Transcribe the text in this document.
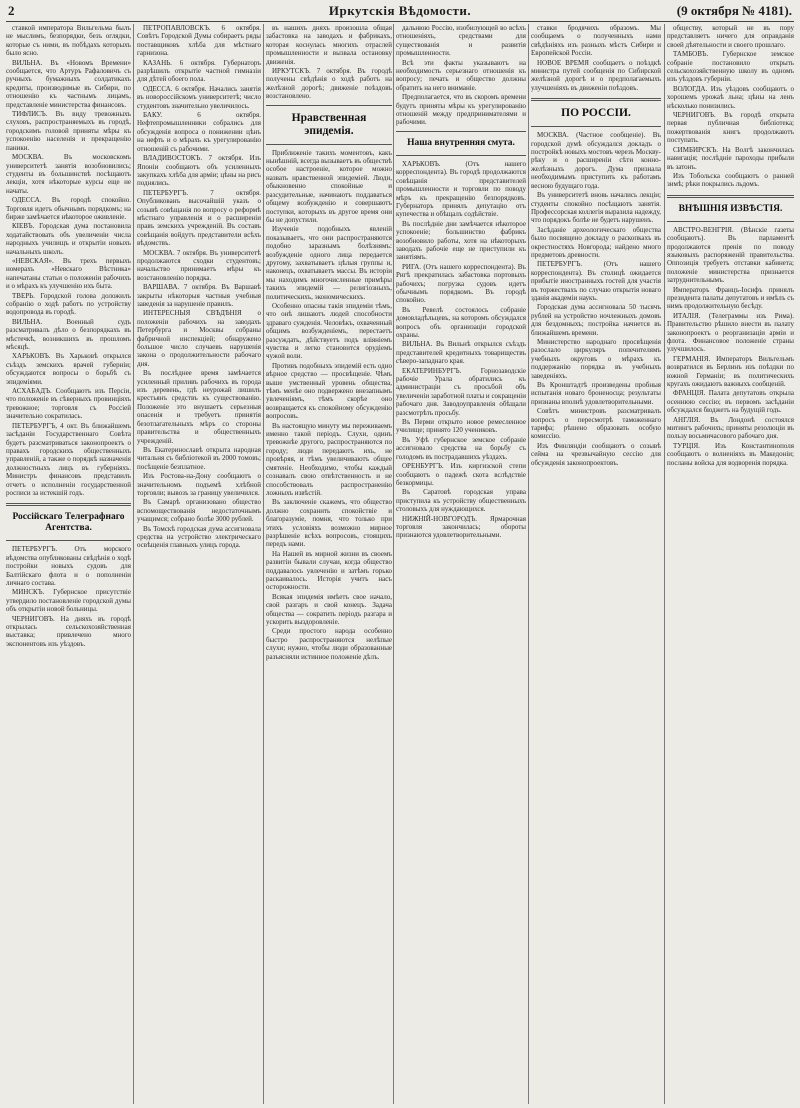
2	Иркутскія Вѣдомости.	(9 октября № 4181).

ставкой императора Вильгельма былъ не мыслимъ, безпорядки, безъ оглядки, которые съ ними, въ побѣдахъ которыхъ было ясно.

ВИЛЬНА. Въ «Новомъ Времени» сообщается, что Артуръ Рафаловичъ съ ручныхъ бумажныхъ солдатикахъ кредиты, производимые въ Сибири, по отношенію къ частнымъ лицамъ, представленіе министерства финансовъ.

ТИФЛИСЪ. Въ виду тревожныхъ слуховъ, распространяемыхъ въ городѣ, городскимъ головой приняты мѣры къ успокоенію населенія и прекращенію паники.

МОСКВА. Въ московскомъ университетѣ занятія возобновились; студенты въ большинствѣ посѣщаютъ лекціи, хотя нѣкоторые курсы еще не начаты.

ОДЕССА. Въ городѣ спокойно. Торговля идетъ обычнымъ порядкомъ; на бирже замѣчается нѣкоторое оживленіе.

КІЕВЪ. Городская дума постановила ходатайствовать объ увеличеніи числа народныхъ училищъ и открытіи новыхъ начальныхъ школъ.

«НЕВСКАЯ». Въ трехъ первыхъ номерахъ «Невскаго Вѣстника» напечатаны статьи о положеніи рабочихъ и о мѣрахъ къ улучшенію ихъ быта.

ТВЕРЬ. Городской голова доложилъ собранію о ходѣ работъ по устройству водопровода въ городѣ.

ВИЛЬНА. Военный судъ разсматривалъ дѣло о безпорядкахъ въ мѣстечкѣ, возникшихъ въ прошломъ мѣсяцѣ.

ХАРЬКОВЪ. Въ Харьковѣ открылся съѣздъ земскихъ врачей губерніи; обсуждаются вопросы о борьбѣ съ эпидеміями.

АСХАБАДЪ. Сообщаютъ изъ Персіи, что положеніе въ сѣверныхъ провинціяхъ тревожное; торговля съ Россіей значительно сократилась.

ПЕТЕРБУРГЪ, 4 окт. Въ ближайшемъ засѣданіи Государственнаго Совѣта будетъ разсматриваться законопроектъ о правахъ городскихъ общественныхъ управленій, а также о порядкѣ назначенія должностныхъ лицъ въ губерніяхъ. Министръ финансовъ представилъ отчетъ о исполненіи государственной росписи за истекшій годъ.

Россійскаго Телеграфнаго Агентства.

ПЕТЕРБУРГЪ. Отъ морского вѣдомства опубликованы свѣдѣнія о ходѣ постройки новыхъ судовъ для Балтійскаго флота и о пополненіи личнаго состава.

МИНСКЪ. Губернское присутствіе утвердило постановленіе городской думы объ открытіи новой больницы.

ЧЕРНИГОВЪ. На дняхъ въ городѣ открылась сельскохозяйственная выставка; привлечено много экспонентовъ изъ уѣздовъ.

ПЕТРОПАВЛОВСКЪ. 6 октября. Совѣтъ Городской Думы собираетъ ряды поставщиковъ хлѣба для мѣстнаго гарнизона.

КАЗАНЬ. 6 октября. Губернаторъ разрѣшилъ открытіе частной гимназіи для дѣтей обоего пола.

ОДЕССА. 6 октября. Начались занятія въ новороссійскомъ университетѣ; число студентовъ значительно увеличилось.

БАКУ. 6 октября. Нефтепромышленники собрались для обсужденія вопроса о понижении цѣнъ на нефть и о мѣрахъ къ урегулированію отношеній съ рабочими.

ВЛАДИВОСТОКЪ. 7 октября. Изъ Японіи сообщаютъ объ усиленныхъ закупкахъ хлѣба для арміи; цѣны на рисъ поднялись.

ПЕТЕРБУРГЪ. 7 октября. Опубликованъ высочайшій указъ о созывѣ совѣщанія по вопросу о реформѣ мѣстнаго управленія и о расширеніи правъ земскихъ учрежденій. Въ составъ совѣщанія войдутъ представители всѣхъ вѣдомствъ.

МОСКВА. 7 октября. Въ университетѣ продолжаются сходки студентовъ; начальство принимаетъ мѣры къ возстановленію порядка.

ВАРШАВА. 7 октября. Въ Варшавѣ закрыты нѣкоторыя частныя учебныя заведенія за нарушеніе правилъ.

ИНТЕРЕСНЫЯ СВѢДѢНІЯ о положеніи рабочихъ на заводахъ Петербурга и Москвы собраны фабричной инспекціей; обнаружено большое число случаевъ нарушенія закона о продолжительности рабочаго дня.

Въ послѣднее время замѣчается усиленный приливъ рабочихъ въ города изъ деревень, гдѣ неурожай лишилъ крестьянъ средствъ къ существованію. Положеніе это внушаетъ серьезныя опасенія и требуетъ принятія безотлагательныхъ мѣръ со стороны правительства и общественныхъ учрежденій.

Въ Екатеринославѣ открыта народная читальня съ библіотекой въ 2000 томовъ; посѣщеніе безплатное.

Изъ Ростова-на-Дону сообщаютъ о значительномъ подъемѣ хлѣбной торговли; вывозъ за границу увеличился.

Въ Самарѣ организовано общество вспомоществованія недостаточнымъ учащимся; собрано болѣе 3000 рублей.

Въ Томскѣ городская дума ассигновала средства на устройство электрическаго освѣщенія главныхъ улицъ города.

въ нашихъ дняхъ произошла общая забастовка на заводахъ и фабрикахъ, которая коснулась многихъ отраслей промышленности и вызвала остановку движенія.

ИРКУТСКЪ. 7 октября. Въ городѣ получены свѣдѣнія о ходѣ работъ на желѣзной дорогѣ; движеніе поѣздовъ возстановлено.

Нравственная эпидемія.

Приближеніе такихъ моментовъ, какъ нынѣшній, всегда вызываетъ въ обществѣ особое настроеніе, которое можно назвать нравственной эпидеміей. Люди, обыкновенно спокойные и разсудительные, начинаютъ поддаваться общему возбужденію и совершаютъ поступки, которыхъ въ другое время они бы не допустили.

Изученіе подобныхъ явленій показываетъ, что они распространяются подобно заразнымъ болѣзнямъ: возбужденіе одного лица передается другому, захватываетъ цѣлыя группы и, наконецъ, охватываетъ массы. Въ исторіи мы находимъ многочисленные примѣры такихъ эпидемій — религіозныхъ, политическихъ, экономическихъ.

Особенно опасны такія эпидеміи тѣмъ, что онѣ лишаютъ людей способности здраваго сужденія. Человѣкъ, охваченный общимъ возбужденіемъ, перестаетъ разсуждать, дѣйствуетъ подъ вліяніемъ чувства и легко становится орудіемъ чужой воли.

Противъ подобныхъ эпидемій есть одно вѣрное средство — просвѣщеніе. Чѣмъ выше умственный уровень общества, тѣмъ менѣе оно подвержено внезапнымъ увлеченіямъ, тѣмъ скорѣе оно возвращается къ спокойному обсужденію вопросовъ.

Въ настоящую минуту мы переживаемъ именно такой періодъ. Слухи, одинъ тревожнѣе другого, распространяются по городу; люди передаютъ ихъ, не провѣряя, и тѣмъ увеличиваютъ общее смятеніе. Необходимо, чтобы каждый сознавалъ свою отвѣтственность и не способствовалъ распространенію ложныхъ извѣстій.

Въ заключеніе скажемъ, что общество должно сохранить спокойствіе и благоразуміе, помня, что только при этихъ условіяхъ возможно мирное разрѣшеніе всѣхъ вопросовъ, стоящихъ передъ нами.

На Нашей въ мирной жизни въ своемъ развитіи бывали случаи, когда общество поддавалось увлеченію и затѣмъ горько раскаивалось. Исторія учитъ насъ осторожности.

Всякая эпидемія имѣетъ свое начало, свой разгаръ и свой конецъ. Задача общества — сократить періодъ разгара и ускорить выздоровленіе.

Среди простого народа особенно быстро распространяются нелѣпые слухи; нужно, чтобы люди образованные разъясняли истинное положеніе дѣлъ.

дальнюю Россію, изобилующей во всѣхъ отношеніяхъ, средствами для существованія и развитія промышленности.

Всѣ эти факты указываютъ на необходимость серьезнаго отношенія къ вопросу; печать и общество должны обратить на него вниманіе.

Предполагается, что въ скоромъ времени будутъ приняты мѣры къ урегулированію отношеній между предпринимателями и рабочими.

Наша внутренняя смута.

ХАРЬКОВЪ. (Отъ нашего корреспондента). Въ городѣ продолжаются совѣщанія представителей промышленности и торговли по поводу мѣръ къ прекращенію безпорядковъ. Губернаторъ принялъ депутацію отъ купечества и обѣщалъ содѣйствіе.

Въ послѣдніе дни замѣчается нѣкоторое успокоеніе; большинство фабрикъ возобновило работы, хотя на нѣкоторыхъ заводахъ рабочіе еще не приступили къ занятіямъ.

РИГА. (Отъ нашего корреспондента). Въ Ригѣ прекратилась забастовка портовыхъ рабочихъ; погрузка судовъ идетъ обычнымъ порядкомъ. Въ городѣ спокойно.

Въ Ревелѣ состоялось собраніе домовладѣльцевъ, на которомъ обсуждался вопросъ объ организаціи городской охраны.

ВИЛЬНА. Въ Вильнѣ открылся съѣздъ представителей кредитныхъ товариществъ сѣверо-западнаго края.

ЕКАТЕРИНБУРГЪ. Горнозаводскіе рабочіе Урала обратились къ администраціи съ просьбой объ увеличеніи заработной платы и сокращеніи рабочаго дня. Заводоуправленія обѣщали разсмотрѣть просьбу.

Въ Перми открыто новое ремесленное училище; принято 120 учениковъ.

Въ Уфѣ губернское земское собраніе ассигновало средства на борьбу съ голодомъ въ пострадавшихъ уѣздахъ.

ОРЕНБУРГЪ. Изъ киргизской степи сообщаютъ о падежѣ скота вслѣдствіе безкормицы.

Въ Саратовѣ городская управа приступила къ устройству общественныхъ столовыхъ для нуждающихся.

НИЖНІЙ-НОВГОРОДЪ. Ярмарочная торговля закончилась; обороты признаются удовлетворительными.

ставки бродячихъ образомъ. Мы сообщаемъ о полученныхъ нами свѣдѣніяхъ изъ разныхъ мѣстъ Сибири и Европейской Россіи.

НОВОЕ ВРЕМЯ сообщаетъ о поѣздкѣ министра путей сообщенія по Сибирской желѣзной дорогѣ и о предполагаемыхъ улучшеніяхъ въ движеніи поѣздовъ.

ПО РОССІИ.

МОСКВА. (Частное сообщеніе). Въ городской думѣ обсуждался докладъ о постройкѣ новыхъ мостовъ черезъ Москву-рѣку и о расширеніи сѣти конно-желѣзныхъ дорогъ. Дума признала необходимымъ приступить къ работамъ весною будущаго года.

Въ университетѣ вновь начались лекціи; студенты спокойно посѣщаютъ занятія. Профессорская коллегія выразила надежду, что порядокъ болѣе не будетъ нарушенъ.

Засѣданіе археологическаго общества было посвящено докладу о раскопкахъ въ окрестностяхъ Новгорода; найдено много предметовъ древности.

ПЕТЕРБУРГЪ. (Отъ нашего корреспондента). Въ столицѣ ожидается прибытіе иностранныхъ гостей для участія въ торжествахъ по случаю открытія новаго зданія академіи наукъ.

Городская дума ассигновала 50 тысячъ рублей на устройство ночлежныхъ домовъ для бездомныхъ; постройка начнется въ ближайшемъ времени.

Министерство народнаго просвѣщенія разослало циркуляръ попечителямъ учебныхъ округовъ о мѣрахъ къ поддержанію порядка въ учебныхъ заведеніяхъ.

Въ Кронштадтѣ произведены пробныя испытанія новаго броненосца; результаты признаны вполнѣ удовлетворительными.

Совѣтъ министровъ разсматривалъ вопросъ о пересмотрѣ таможеннаго тарифа; рѣшено образовать особую комиссію.

Изъ Финляндіи сообщаютъ о созывѣ сейма на чрезвычайную сессію для обсужденія законопроектовъ.

обществу, который не въ пору представляетъ ничего для оправданія своей дѣятельности и своего прошлаго.

ТАМБОВЪ. Губернское земское собраніе постановило открыть сельскохозяйственную школу въ одномъ изъ уѣздовъ губерніи.

ВОЛОГДА. Изъ уѣздовъ сообщаютъ о хорошемъ урожаѣ льна; цѣны на ленъ нѣсколько понизились.

ЧЕРНИГОВЪ. Въ городѣ открыта первая публичная библіотека; пожертвованія книгъ продолжаютъ поступать.

СИМБИРСКЪ. На Волгѣ закончилась навигація; послѣдніе пароходы прибыли въ затонъ.

Изъ Тобольска сообщаютъ о ранней зимѣ; рѣки покрылись льдомъ.

ВНѢШНІЯ ИЗВѢСТІЯ.

АВСТРО-ВЕНГРІЯ. (Вѣнскіе газеты сообщаютъ). Въ парламентѣ продолжаются пренія по поводу языковыхъ распоряженій правительства. Оппозиція требуетъ отставки кабинета; положеніе министерства признается затруднительнымъ.

Императоръ Францъ-Іосифъ принялъ президента палаты депутатовъ и имѣлъ съ нимъ продолжительную бесѣду.

ИТАЛІЯ. (Телеграммы изъ Рима). Правительство рѣшило внести въ палату законопроектъ о реорганизаціи арміи и флота. Финансовое положеніе страны улучшилось.

ГЕРМАНІЯ. Императоръ Вильгельмъ возвратился въ Берлинъ изъ поѣздки по южной Германіи; въ политическихъ кругахъ ожидаютъ важныхъ сообщеній.

ФРАНЦІЯ. Палата депутатовъ открыла осеннюю сессію; въ первомъ засѣданіи обсуждался бюджетъ на будущій годъ.

АНГЛІЯ. Въ Лондонѣ состоялся митингъ рабочихъ; приняты резолюціи въ пользу восьмичасового рабочаго дня.

ТУРЦІЯ. Изъ Константинополя сообщаютъ о волненіяхъ въ Македоніи; посланы войска для водворенія порядка.
